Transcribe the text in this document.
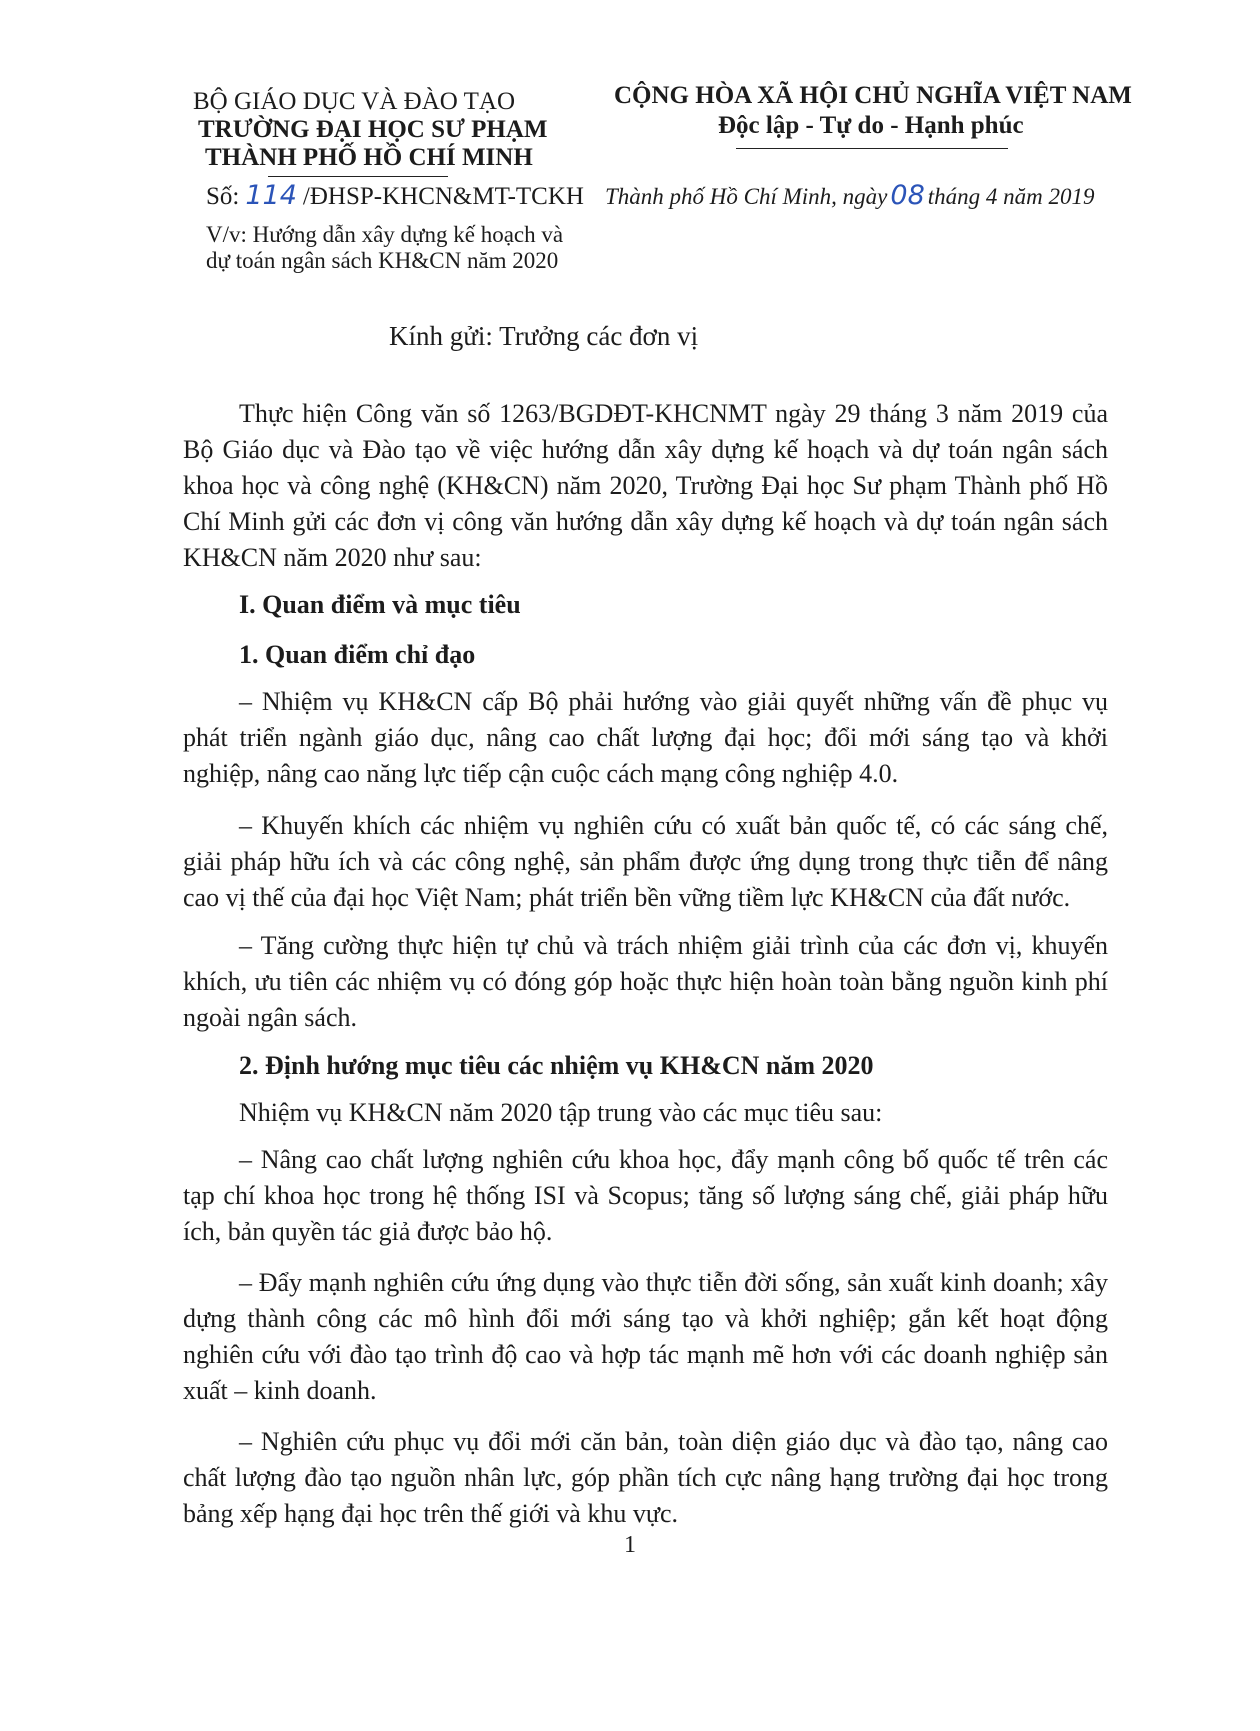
BỘ GIÁO DỤC VÀ ĐÀO TẠO
TRƯỜNG ĐẠI HỌC SƯ PHẠM
THÀNH PHỐ HỒ CHÍ MINH
Số: 114 /ĐHSP-KHCN&MT-TCKH
V/v: Hướng dẫn xây dựng kế hoạch và
dự toán ngân sách KH&CN năm 2020
CỘNG HÒA XÃ HỘI CHỦ NGHĨA VIỆT NAM
Độc lập - Tự do - Hạnh phúc
Thành phố Hồ Chí Minh, ngày 08 tháng 4 năm 2019
Kính gửi: Trưởng các đơn vị
Thực hiện Công văn số 1263/BGDĐT-KHCNMT ngày 29 tháng 3 năm 2019 của Bộ Giáo dục và Đào tạo về việc hướng dẫn xây dựng kế hoạch và dự toán ngân sách khoa học và công nghệ (KH&CN) năm 2020, Trường Đại học Sư phạm Thành phố Hồ Chí Minh gửi các đơn vị công văn hướng dẫn xây dựng kế hoạch và dự toán ngân sách KH&CN năm 2020 như sau:
I. Quan điểm và mục tiêu
1. Quan điểm chỉ đạo
– Nhiệm vụ KH&CN cấp Bộ phải hướng vào giải quyết những vấn đề phục vụ phát triển ngành giáo dục, nâng cao chất lượng đại học; đổi mới sáng tạo và khởi nghiệp, nâng cao năng lực tiếp cận cuộc cách mạng công nghiệp 4.0.
– Khuyến khích các nhiệm vụ nghiên cứu có xuất bản quốc tế, có các sáng chế, giải pháp hữu ích và các công nghệ, sản phẩm được ứng dụng trong thực tiễn để nâng cao vị thế của đại học Việt Nam; phát triển bền vững tiềm lực KH&CN của đất nước.
– Tăng cường thực hiện tự chủ và trách nhiệm giải trình của các đơn vị, khuyến khích, ưu tiên các nhiệm vụ có đóng góp hoặc thực hiện hoàn toàn bằng nguồn kinh phí ngoài ngân sách.
2. Định hướng mục tiêu các nhiệm vụ KH&CN năm 2020
Nhiệm vụ KH&CN năm 2020 tập trung vào các mục tiêu sau:
– Nâng cao chất lượng nghiên cứu khoa học, đẩy mạnh công bố quốc tế trên các tạp chí khoa học trong hệ thống ISI và Scopus; tăng số lượng sáng chế, giải pháp hữu ích, bản quyền tác giả được bảo hộ.
– Đẩy mạnh nghiên cứu ứng dụng vào thực tiễn đời sống, sản xuất kinh doanh; xây dựng thành công các mô hình đổi mới sáng tạo và khởi nghiệp; gắn kết hoạt động nghiên cứu với đào tạo trình độ cao và hợp tác mạnh mẽ hơn với các doanh nghiệp sản xuất – kinh doanh.
– Nghiên cứu phục vụ đổi mới căn bản, toàn diện giáo dục và đào tạo, nâng cao chất lượng đào tạo nguồn nhân lực, góp phần tích cực nâng hạng trường đại học trong bảng xếp hạng đại học trên thế giới và khu vực.
1
